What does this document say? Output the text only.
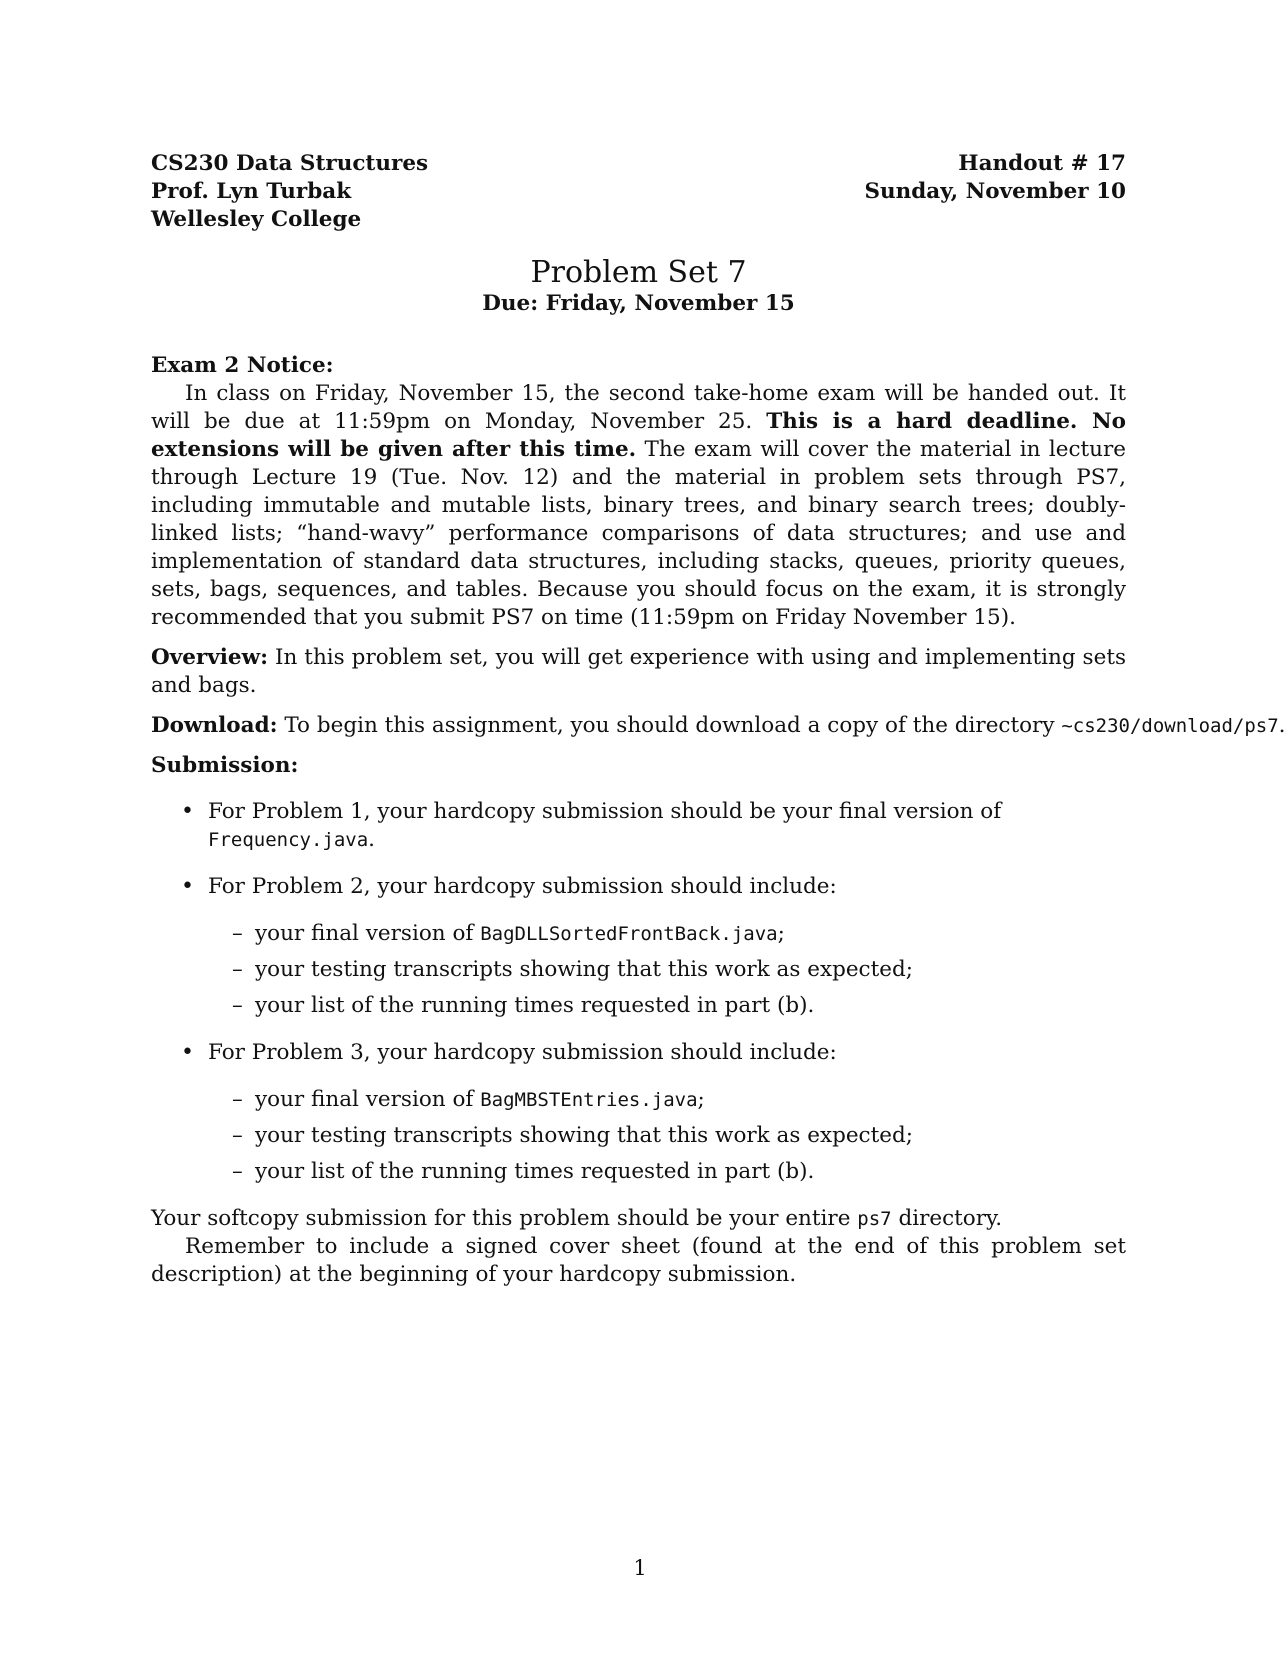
CS230 Data Structures
Prof. Lyn Turbak
Wellesley College
Handout # 17
Sunday, November 10
Problem Set 7
Due: Friday, November 15
Exam 2 Notice:

In class on Friday, November 15, the second take-home exam will be handed out. It will be due at 11:59pm on Monday, November 25. This is a hard deadline. No extensions will be given after this time. The exam will cover the material in lecture through Lecture 19 (Tue. Nov. 12) and the material in problem sets through PS7, including immutable and mutable lists, binary trees, and binary search trees; doubly-linked lists; “hand-wavy” performance comparisons of data structures; and use and implementation of standard data structures, including stacks, queues, priority queues, sets, bags, sequences, and tables. Because you should focus on the exam, it is strongly recommended that you submit PS7 on time (11:59pm on Friday November 15).

Overview: In this problem set, you will get experience with using and implementing sets and bags.

Download: To begin this assignment, you should download a copy of the directory ~cs230/download/ps7.

Submission:
• For Problem 1, your hardcopy submission should be your final version of Frequency.java.
• For Problem 2, your hardcopy submission should include:
– your final version of BagDLLSortedFrontBack.java;
– your testing transcripts showing that this work as expected;
– your list of the running times requested in part (b).
• For Problem 3, your hardcopy submission should include:
– your final version of BagMBSTEntries.java;
– your testing transcripts showing that this work as expected;
– your list of the running times requested in part (b).

Your softcopy submission for this problem should be your entire ps7 directory.

Remember to include a signed cover sheet (found at the end of this problem set description) at the beginning of your hardcopy submission.

1
